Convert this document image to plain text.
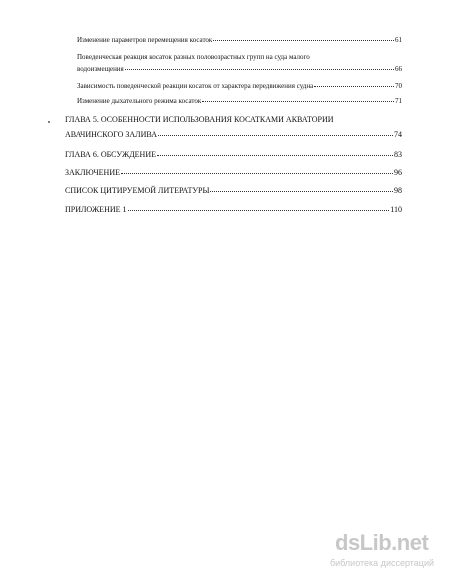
Изменение параметров перемещения косаток	61
Поведенческая реакция косаток разных половозрастных групп на суда малого
водоизмещения	66
Зависимость поведенческой реакции косаток от характера передвижения судна	70
Изменение дыхательного режима косаток	71
ГЛАВА 5. ОСОБЕННОСТИ ИСПОЛЬЗОВАНИЯ КОСАТКАМИ АКВАТОРИИ
АВАЧИНСКОГО ЗАЛИВА	74
ГЛАВА 6. ОБСУЖДЕНИЕ	83
ЗАКЛЮЧЕНИЕ	96
СПИСОК ЦИТИРУЕМОЙ ЛИТЕРАТУРЫ	98
ПРИЛОЖЕНИЕ 1	110
dsLib.net
библиотека диссертаций
